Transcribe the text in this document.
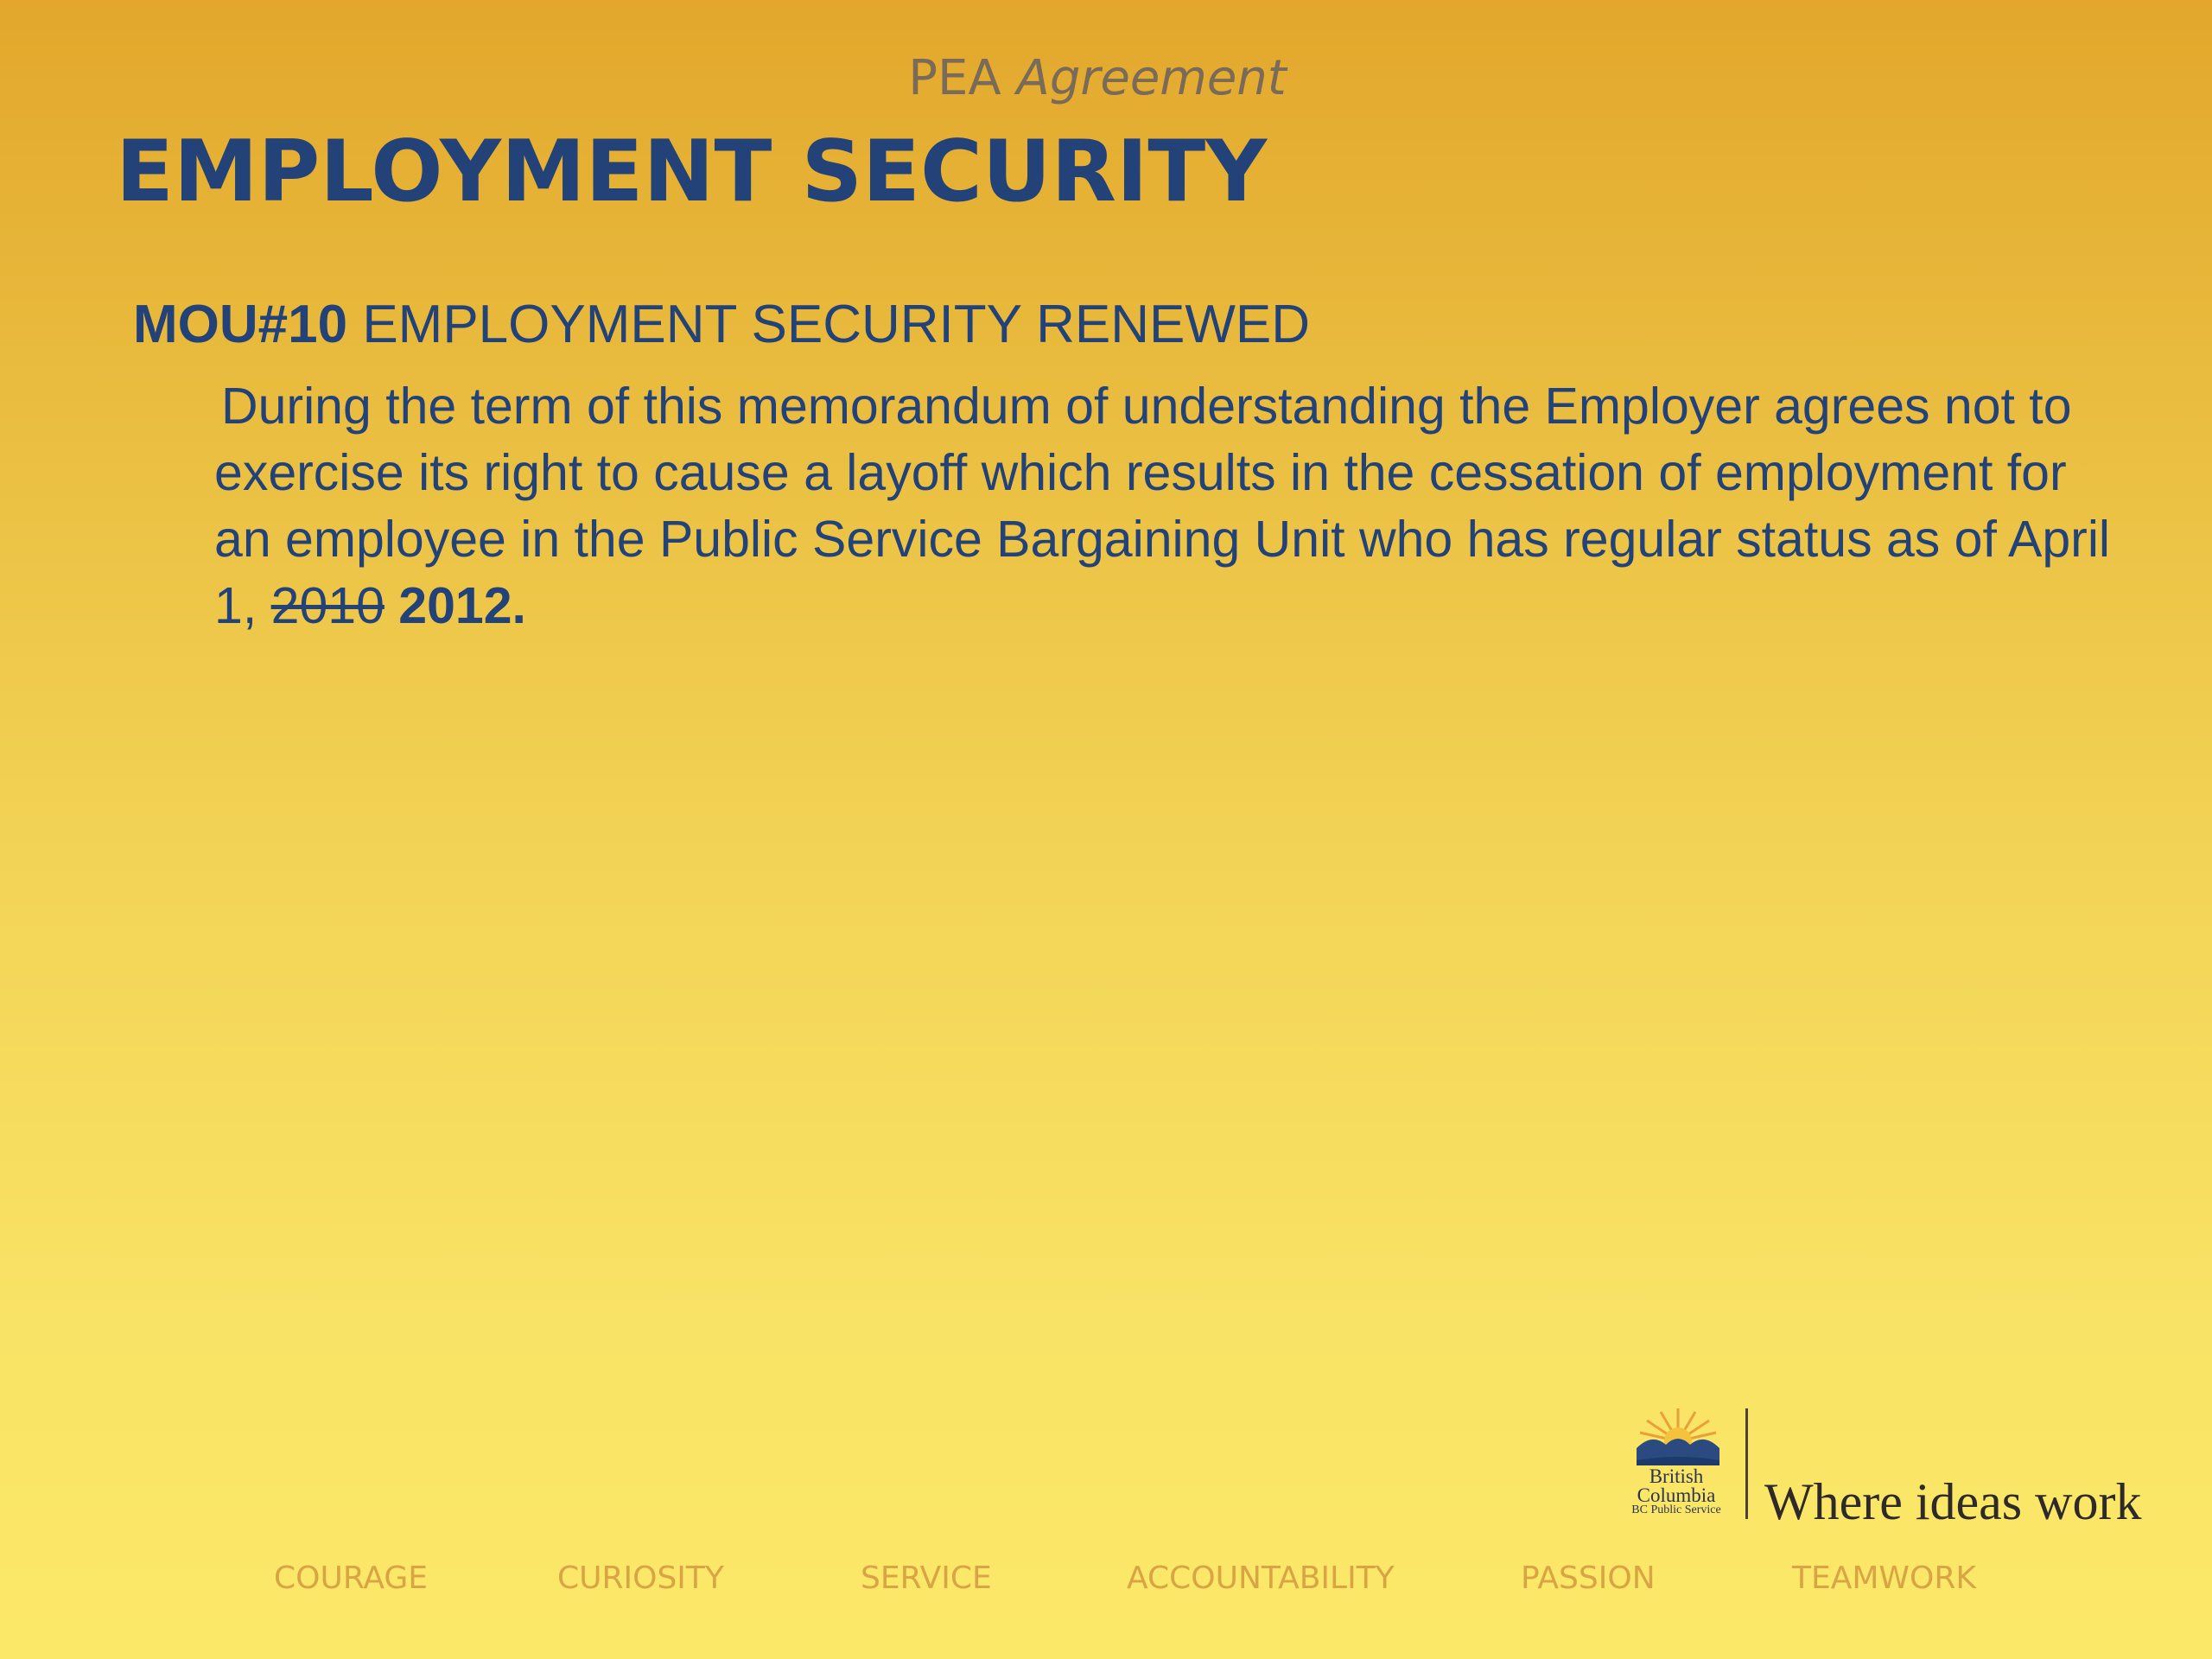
PEA Agreement
EMPLOYMENT SECURITY
MOU#10 EMPLOYMENT SECURITY RENEWED
During the term of this memorandum of understanding the Employer agrees not to exercise its right to cause a layoff which results in the cessation of employment for an employee in the Public Service Bargaining Unit who has regular status as of April 1, 2010 2012.
British
Columbia
BC Public Service Where ideas work
COURAGE	CURIOSITY	SERVICE	ACCOUNTABILITY	PASSION	TEAMWORK
